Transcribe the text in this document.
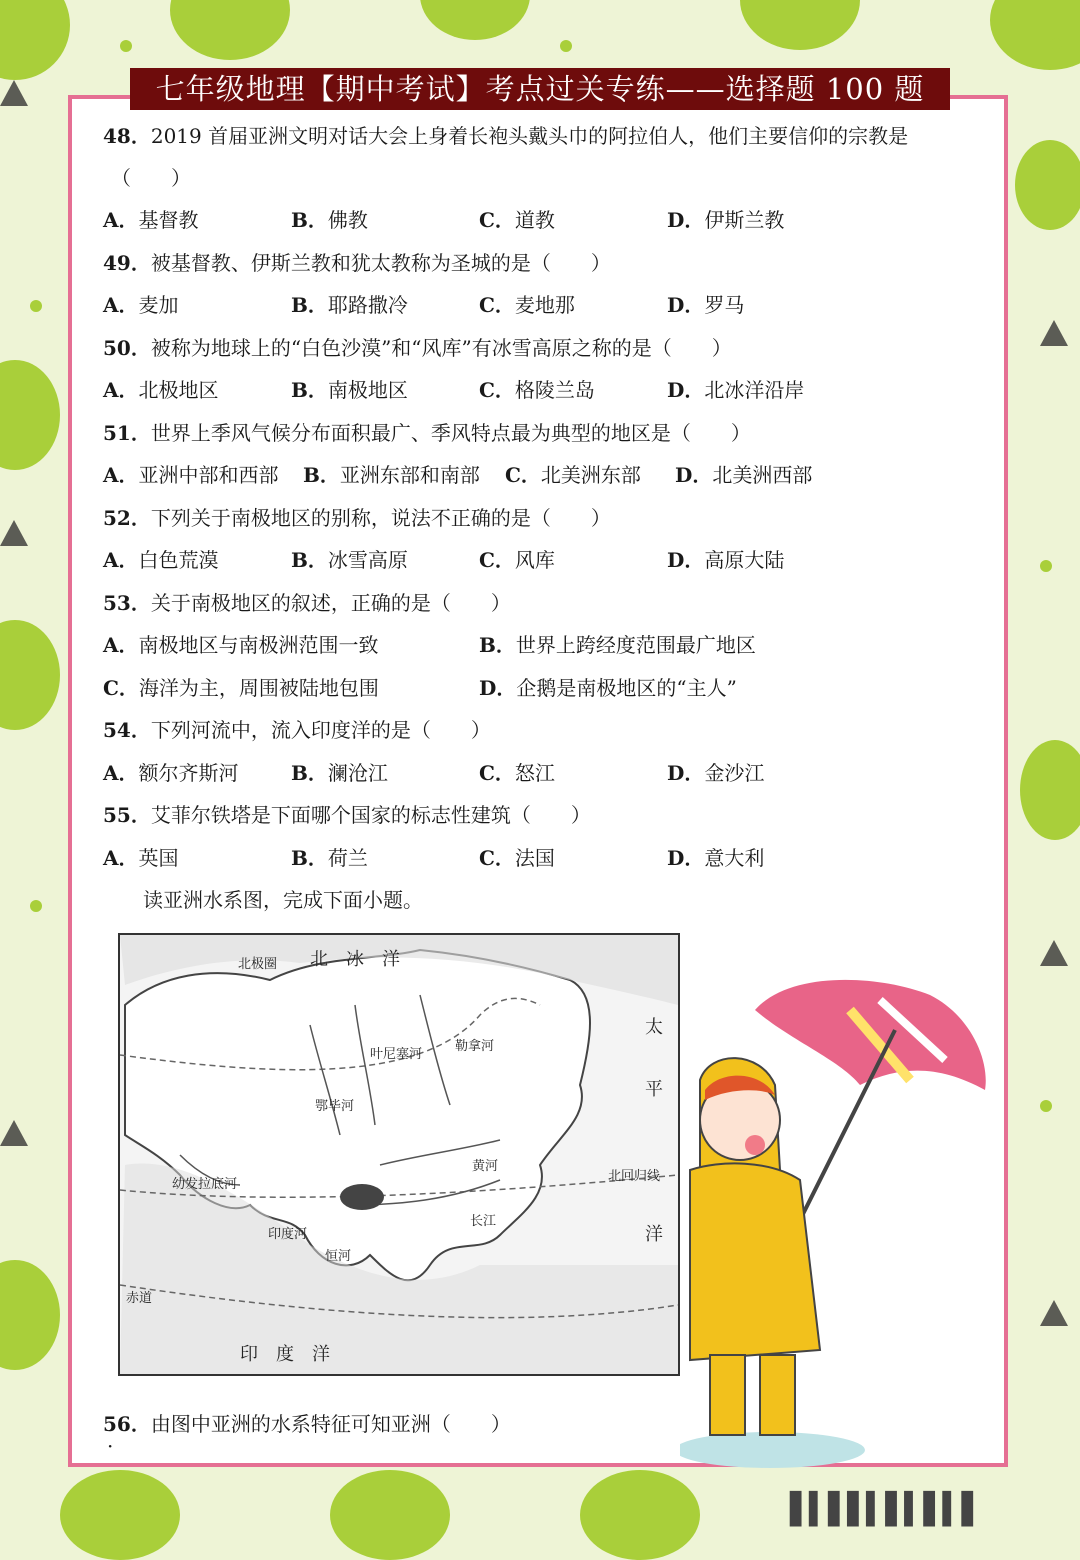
七年级地理【期中考试】考点过关专练——选择题 100 题
48．2019 首届亚洲文明对话大会上身着长袍头戴头巾的阿拉伯人，他们主要信仰的宗教是
（　　）
A．基督教	B．佛教	C．道教	D．伊斯兰教
49．被基督教、伊斯兰教和犹太教称为圣城的是（　　）
A．麦加	B．耶路撒冷	C．麦地那	D．罗马
50．被称为地球上的“白色沙漠”和“风库”有冰雪高原之称的是（　　）
A．北极地区	B．南极地区	C．格陵兰岛	D．北冰洋沿岸
51．世界上季风气候分布面积最广、季风特点最为典型的地区是（　　）
A．亚洲中部和西部 B．亚洲东部和南部 C．北美洲东部 D．北美洲西部
52．下列关于南极地区的别称，说法不正确的是（　　）
A．白色荒漠	B．冰雪高原	C．风库	D．高原大陆
53．关于南极地区的叙述，正确的是（　　）
A．南极地区与南极洲范围一致	B．世界上跨经度范围最广地区
C．海洋为主，周围被陆地包围	D．企鹅是南极地区的“主人”
54．下列河流中，流入印度洋的是（　　）
A．额尔齐斯河	B．澜沧江	C．怒江	D．金沙江
55．艾菲尔铁塔是下面哪个国家的标志性建筑（　　）
A．英国	B．荷兰	C．法国	D．意大利
读亚洲水系图，完成下面小题。
56．由图中亚洲的水系特征可知亚洲（　　）
·
北　冰　洋
太
平
洋
印　度　洋
赤道
北回归线
北极圈
叶尼塞河
勒拿河
鄂毕河
幼发拉底河
印度河
恒河
长江
黄河
▌▍▌▌▍▌▍▌▍▌
